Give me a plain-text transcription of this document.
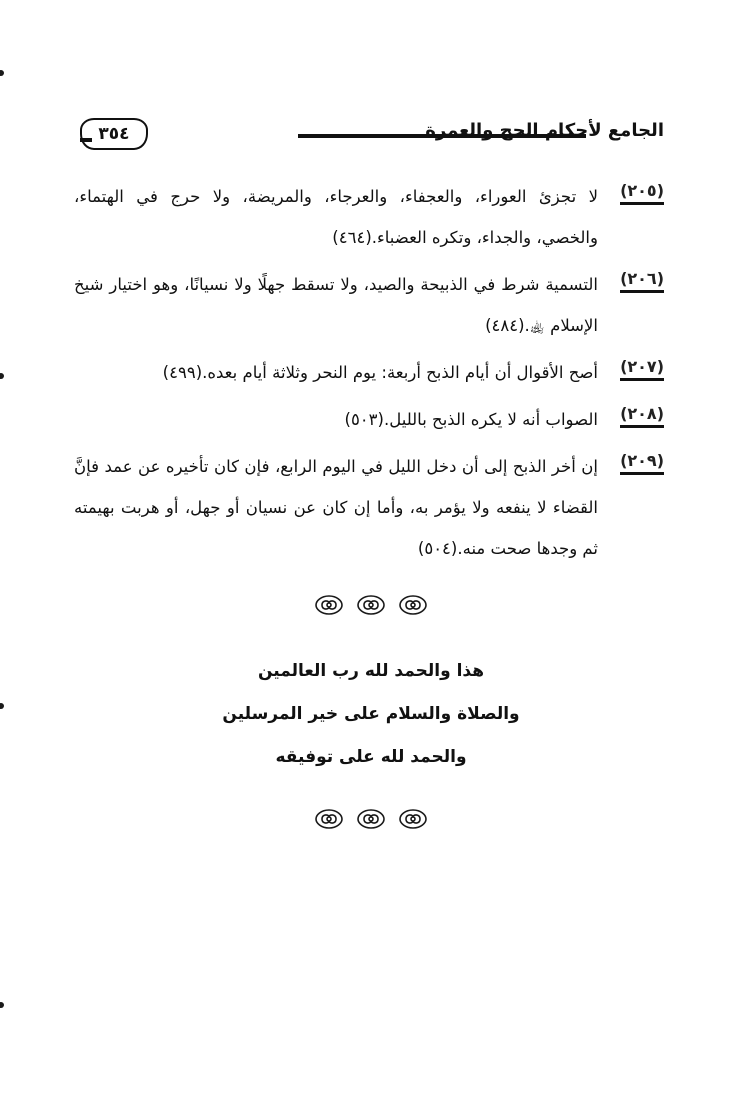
٣٥٤	الجامع لأحكام الحج والعمرة
(٢٠٥)
لا تجزئ العوراء، والعجفاء، والعرجاء، والمريضة، ولا حرج في الهتماء، والخصي، والجداء، وتكره العضباء.(٤٦٤)
(٢٠٦)
التسمية شرط في الذبيحة والصيد، ولا تسقط جهلًا ولا نسيانًا، وهو اختيار شيخ الإسلام ﵀.(٤٨٤)
(٢٠٧)
أصح الأقوال أن أيام الذبح أربعة: يوم النحر وثلاثة أيام بعده.(٤٩٩)
(٢٠٨)
الصواب أنه لا يكره الذبح بالليل.(٥٠٣)
(٢٠٩)
إن أخر الذبح إلى أن دخل الليل في اليوم الرابع، فإن كان تأخيره عن عمد فإنَّ القضاء لا ينفعه ولا يؤمر به، وأما إن كان عن نسيان أو جهل، أو هربت بهيمته ثم وجدها صحت منه.(٥٠٤)
هذا والحمد لله رب العالمين
والصلاة والسلام على خير المرسلين
والحمد لله على توفيقه
